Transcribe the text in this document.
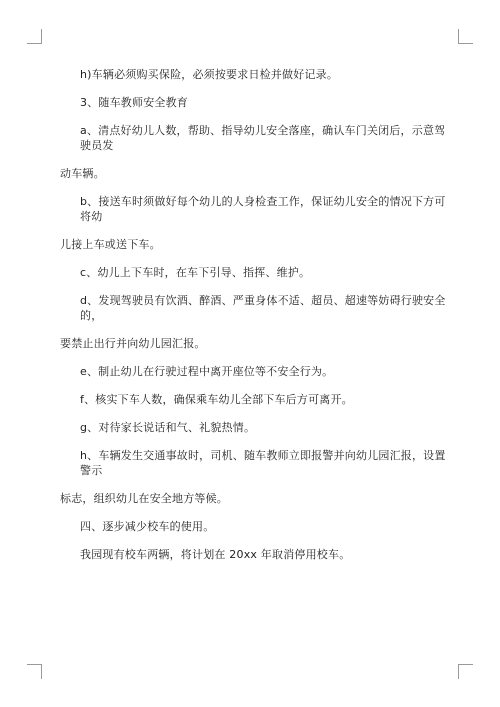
h)车辆必须购买保险，必须按要求日检并做好记录。

3、随车教师安全教育

a、清点好幼儿人数，帮助、指导幼儿安全落座，确认车门关闭后，示意驾驶员发
动车辆。

b、接送车时须做好每个幼儿的人身检查工作，保证幼儿安全的情况下方可将幼
儿接上车或送下车。

c、幼儿上下车时，在车下引导、指挥、维护。

d、发现驾驶员有饮酒、醉酒、严重身体不适、超员、超速等妨碍行驶安全的，
要禁止出行并向幼儿园汇报。

e、制止幼儿在行驶过程中离开座位等不安全行为。

f、核实下车人数，确保乘车幼儿全部下车后方可离开。

g、对待家长说话和气、礼貌热情。

h、车辆发生交通事故时，司机、随车教师立即报警并向幼儿园汇报，设置警示
标志，组织幼儿在安全地方等候。

四、逐步减少校车的使用。

我园现有校车两辆，将计划在 20xx 年取消停用校车。
